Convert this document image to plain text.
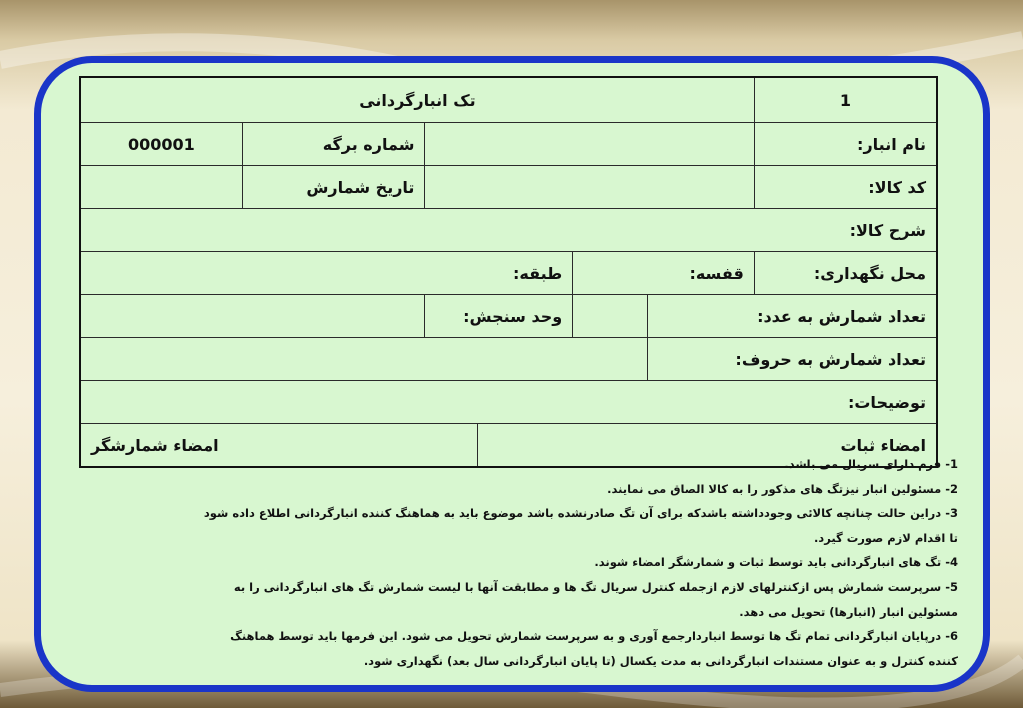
1	تک انبارگردانی					
نام انبار:					شماره برگه	000001
کد کالا:					تاریخ شمارش	
شرح کالا:						
محل نگهداری:	قفسه:		طبقه:			
تعداد شمارش به عدد:			وحد سنجش:			
تعداد شمارش به حروف:						
توضیحات:						
امضاء ثبات				امضاء شمارشگر		
1- فرم دارای سریال می باشد.
2- مسئولین انبار نیزتگ های مذکور را به کالا الصاق می نمایند.
3- دراین حالت چنانچه کالائی وجودداشته باشدکه برای آن تگ صادرنشده باشد موضوع باید به هماهنگ کننده انبارگردانی اطلاع داده شود تا اقدام لازم صورت گیرد.
4- تگ های انبارگردانی باید توسط ثبات و شمارشگر امضاء شوند.
5- سرپرست شمارش پس ازکنترلهای لازم ازجمله کنترل سریال تگ ها و مطابقت آنها با لیست شمارش تگ های انبارگردانی را به مسئولین انبار (انبارها) تحویل می دهد.
6- درپایان انبارگردانی تمام تگ ها توسط انباردارجمع آوری و به سرپرست شمارش تحویل می شود. این فرمها باید توسط هماهنگ کننده کنترل و به عنوان مستندات انبارگردانی به مدت یکسال (تا پایان انبارگردانی سال بعد) نگهداری شود.
